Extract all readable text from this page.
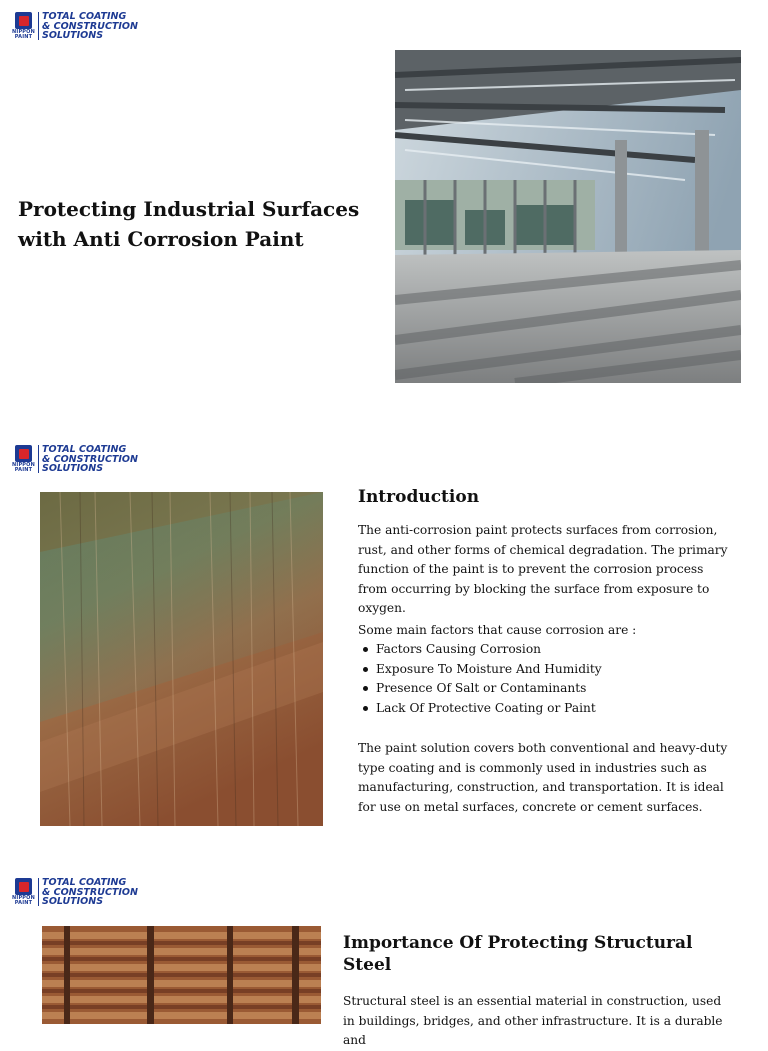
NIPPON
PAINT
TOTAL COATING
& CONSTRUCTION
SOLUTIONS
Protecting Industrial Surfaces with Anti Corrosion Paint
NIPPON
PAINT
TOTAL COATING
& CONSTRUCTION
SOLUTIONS
Introduction

The anti-corrosion paint protects surfaces from corrosion, rust, and other forms of chemical degradation. The primary function of the paint is to prevent the corrosion process from occurring by blocking the surface from exposure to oxygen.

Some main factors that cause corrosion are :

Factors Causing Corrosion
Exposure To Moisture And Humidity
Presence Of Salt or Contaminants
Lack Of Protective Coating or Paint

The paint solution covers both conventional and heavy-duty type coating and is commonly used in industries such as manufacturing, construction, and transportation. It is ideal for use on metal surfaces, concrete or cement surfaces.

NIPPON
PAINT
TOTAL COATING
& CONSTRUCTION
SOLUTIONS
Importance Of Protecting Structural Steel

Structural steel is an essential material in construction, used in buildings, bridges, and other infrastructure. It is a durable and
